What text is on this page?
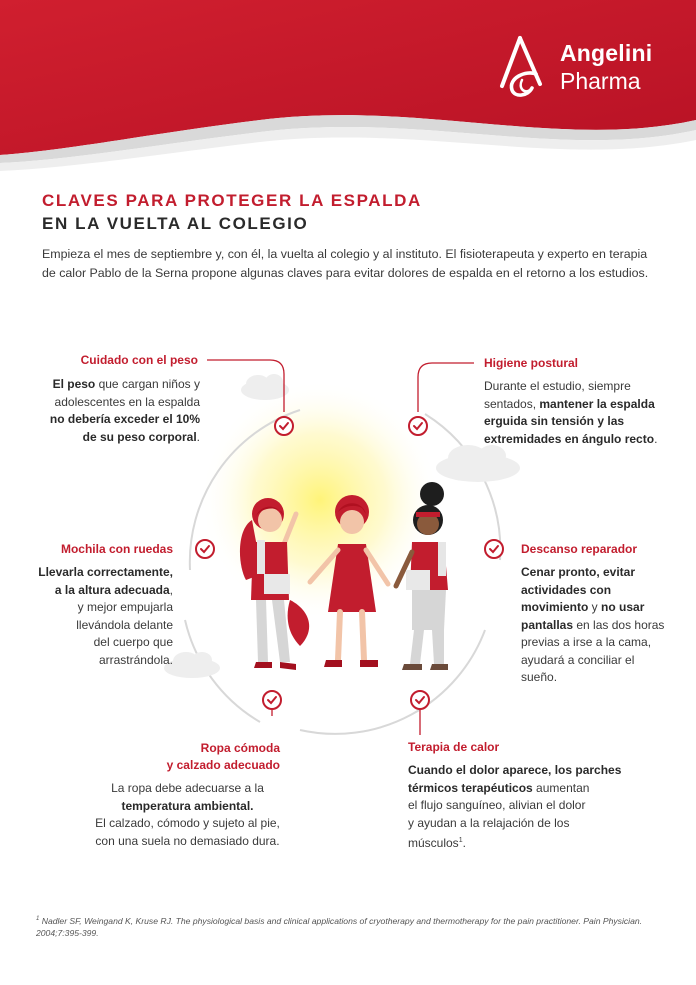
Angelini
Pharma
CLAVES PARA PROTEGER LA ESPALDA
EN LA VUELTA AL COLEGIO

Empieza el mes de septiembre y, con él, la vuelta al colegio y al instituto. El fisioterapeuta y experto en terapia de calor Pablo de la Serna propone algunas claves para evitar dolores de espalda en el retorno a los estudios.

Cuidado con el peso
El peso que cargan niños y
adolescentes en la espalda
no debería exceder el 10%
de su peso corporal.
Higiene postural
Durante el estudio, siempre
sentados, mantener la espalda
erguida sin tensión y las
extremidades en ángulo recto.
Mochila con ruedas
Llevarla correctamente,
a la altura adecuada,
y mejor empujarla
llevándola delante
del cuerpo que
arrastrándola.
Descanso reparador
Cenar pronto, evitar
actividades con
movimiento y no usar
pantallas en las dos horas
previas a irse a la cama,
ayudará a conciliar el
sueño.
Ropa cómoda
y calzado adecuado
La ropa debe adecuarse a la
temperatura ambiental.
El calzado, cómodo y sujeto al pie,
con una suela no demasiado dura.
Terapia de calor
Cuando el dolor aparece, los parches
térmicos terapéuticos aumentan
el flujo sanguíneo, alivian el dolor
y ayudan a la relajación de los
músculos$^1$.
$^1$ Nadler SF, Weingand K, Kruse RJ. The physiological basis and clinical applications of cryotherapy and thermotherapy for the pain practitioner. Pain Physician. 2004;7:395-399.
